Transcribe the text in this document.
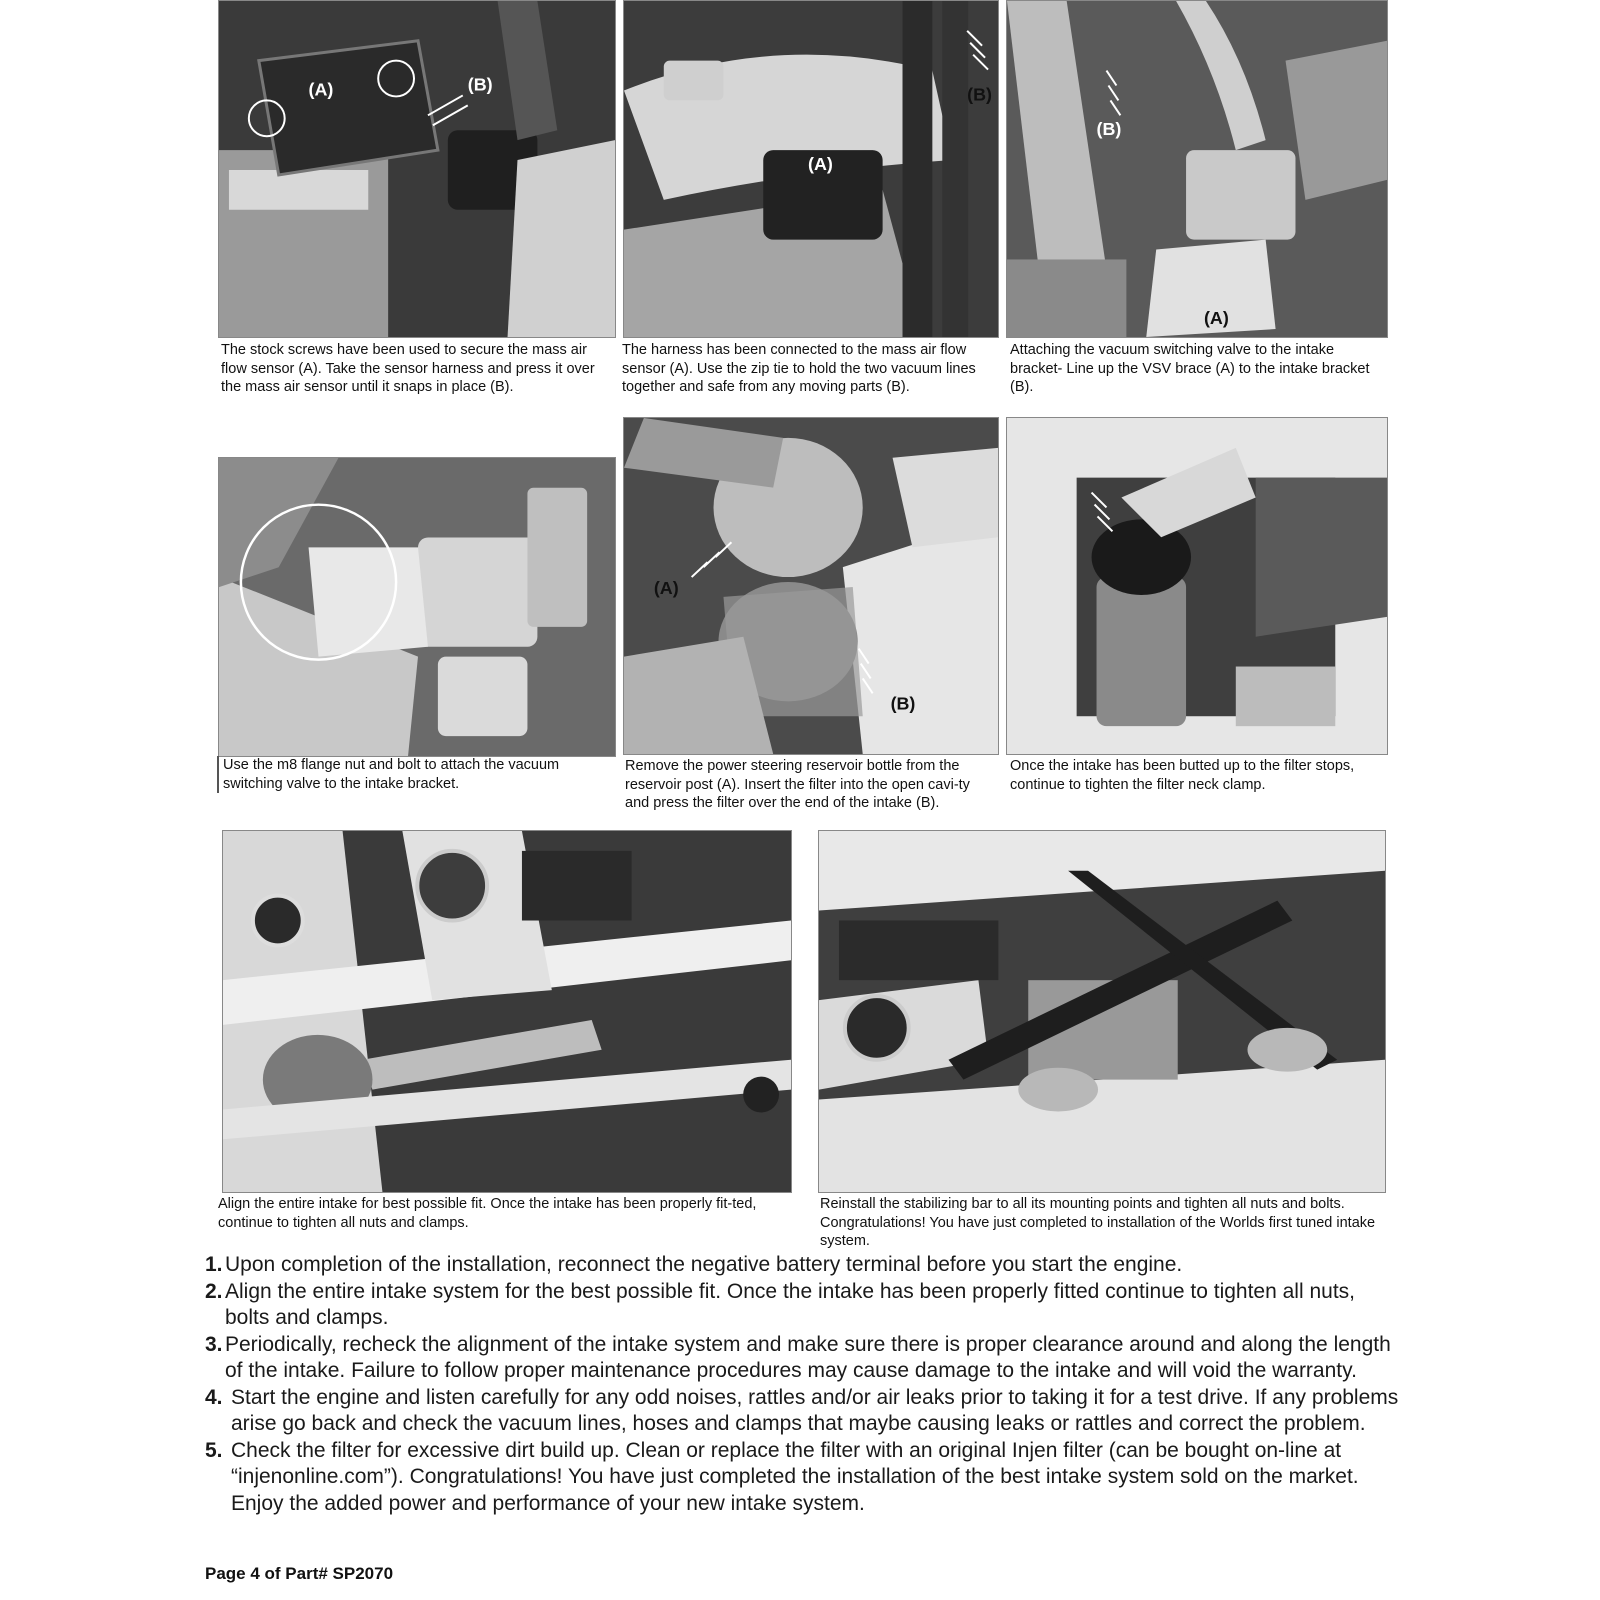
(A)	(B)

The stock screws have been used to secure the mass air flow sensor (A). Take the sensor harness and press it over the mass air sensor until it snaps in place (B).

(A)
(B)

The harness has been connected to the mass air flow sensor (A). Use the zip tie to hold the two vacuum lines together and safe from any moving parts (B).

(B)
(A)

Attaching the vacuum switching valve to the intake bracket- Line up the VSV brace (A) to the intake bracket (B).

Use the m8 flange nut and bolt to attach the vacuum switching valve to the intake bracket.

(A)
(B)

Remove the power steering reservoir bottle from the reservoir post (A). Insert the filter into the open cavi-ty and press the filter over the end of the intake (B).

Once the intake has been butted up to the filter stops, continue to tighten the filter neck clamp.

Align the entire intake for best possible fit. Once the intake has been properly fit-ted, continue to tighten all nuts and clamps.

Reinstall the stabilizing bar to all its mounting points and tighten all nuts and bolts. Congratulations! You have just completed to installation of the Worlds first tuned intake system.

1. Upon completion of the installation, reconnect the negative battery terminal before you start the engine.
2. Align the entire intake system for the best possible fit. Once the intake has been properly fitted continue to tighten all nuts, bolts and clamps.
3. Periodically, recheck the alignment of the intake system and make sure there is proper clearance around and along the length of the intake. Failure to follow proper maintenance procedures may cause damage to the intake and will void the warranty.
4. Start the engine and listen carefully for any odd noises, rattles and/or air leaks prior to taking it for a test drive. If any problems arise go back and check the vacuum lines, hoses and clamps that maybe causing leaks or rattles and correct the problem.
5. Check the filter for excessive dirt build up. Clean or replace the filter with an original Injen filter (can be bought on-line at “injenonline.com”). Congratulations! You have just completed the installation of the best intake system sold on the market. Enjoy the added power and performance of your new intake system.
Page 4 of Part# SP2070
